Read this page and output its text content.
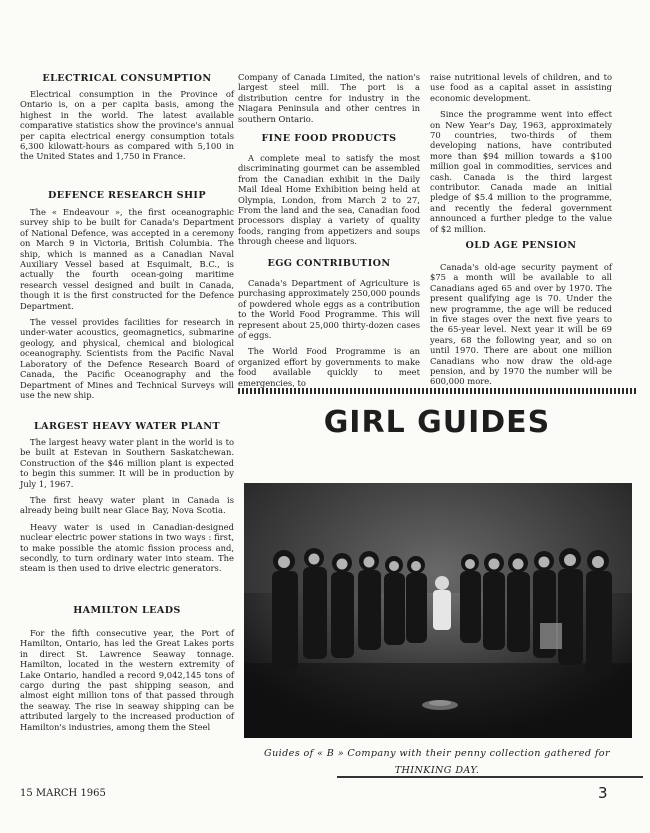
ELECTRICAL CONSUMPTION

Electrical consumption in the Province of Ontario is, on a per capita basis, among the highest in the world. The latest available comparative statistics show the province's annual per capita electrical energy consumption totals 6,300 kilowatt-hours as compared with 5,100 in the United States and 1,750 in France.

DEFENCE RESEARCH SHIP

The « Endeavour », the first oceanographic survey ship to be built for Canada's Department of National Defence, was accepted in a ceremony on March 9 in Victoria, British Columbia. The ship, which is manned as a Canadian Naval Auxiliary Vessel based at Esquimalt, B.C., is actually the fourth ocean-going maritime research vessel designed and built in Canada, though it is the first constructed for the Defence Department.

The vessel provides facilities for research in under-water acoustics, geomagnetics, submarine geology, and physical, chemical and biological oceanography. Scientists from the Pacific Naval Laboratory of the Defence Research Board of Canada, the Pacific Oceanography and the Department of Mines and Technical Surveys will use the new ship.

LARGEST HEAVY WATER PLANT

The largest heavy water plant in the world is to be built at Estevan in Southern Saskatchewan. Construction of the $46 million plant is expected to begin this summer. It will be in production by July 1, 1967.

The first heavy water plant in Canada is already being built near Glace Bay, Nova Scotia.

Heavy water is used in Canadian-designed nuclear electric power stations in two ways : first, to make possible the atomic fission process and, secondly, to turn ordinary water into steam. The steam is then used to drive electric generators.

HAMILTON LEADS

For the fifth consecutive year, the Port of Hamilton, Ontario, has led the Great Lakes ports in direct St. Lawrence Seaway tonnage. Hamilton, located in the western extremity of Lake Ontario, handled a record 9,042,145 tons of cargo during the past shipping season, and almost eight million tons of that passed through the seaway. The rise in seaway shipping can be attributed largely to the increased production of Hamilton's industries, among them the Steel

Company of Canada Limited, the nation's largest steel mill. The port is a distribution centre for industry in the Niagara Peninsula and other centres in southern Ontario.

FINE FOOD PRODUCTS

A complete meal to satisfy the most discriminating gourmet can be assembled from the Canadian exhibit in the Daily Mail Ideal Home Exhibition being held at Olympia, London, from March 2 to 27, From the land and the sea, Canadian food processors display a variety of quality foods, ranging from appetizers and soups through cheese and liquors.

EGG CONTRIBUTION

Canada's Department of Agriculture is purchasing approximately 250,000 pounds of powdered whole eggs as a contribution to the World Food Programme. This will represent about 25,000 thirty-dozen cases of eggs.

The World Food Programme is an organized effort by governments to make food available quickly to meet emergencies, to

raise nutritional levels of children, and to use food as a capital asset in assisting economic development.

Since the programme went into effect on New Year's Day, 1963, approximately 70 countries, two-thirds of them developing nations, have contributed more than $94 million towards a $100 million goal in commodities, services and cash. Canada is the third largest contributor. Canada made an initial pledge of $5.4 million to the programme, and recently the federal government announced a further pledge to the value of $2 million.

OLD AGE PENSION

Canada's old-age security payment of $75 a month will be available to all Canadians aged 65 and over by 1970. The present qualifying age is 70. Under the new programme, the age will be reduced in five stages over the next five years to the 65-year level. Next year it will be 69 years, 68 the following year, and so on until 1970. There are about one million Canadians who now draw the old-age pension, and by 1970 the number will be 600,000 more.

GIRL GUIDES
Guides of « B » Company with their penny collection gathered for
THINKING DAY.
15 MARCH 1965	3
